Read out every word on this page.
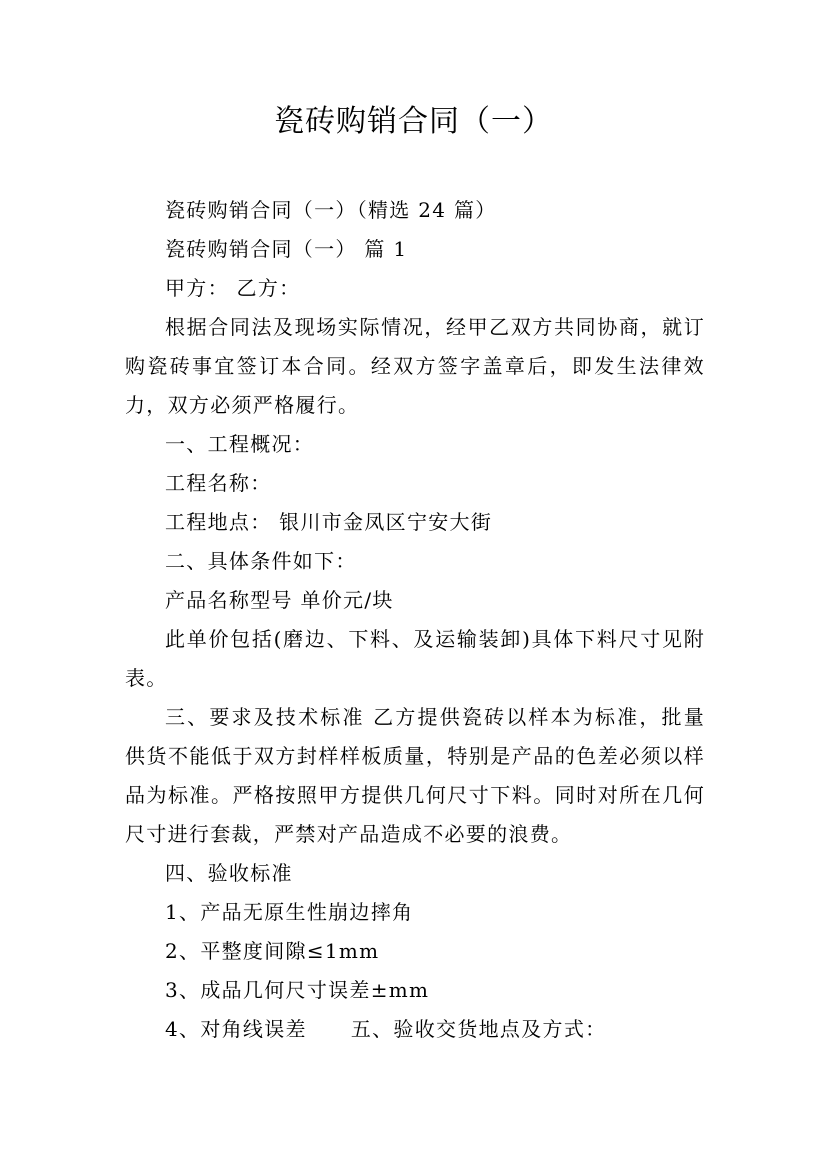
瓷砖购销合同（一）

瓷砖购销合同（一）（精选 24 篇）

瓷砖购销合同（一） 篇 1

甲方： 乙方：

根据合同法及现场实际情况，经甲乙双方共同协商，就订购瓷砖事宜签订本合同。经双方签字盖章后，即发生法律效力，双方必须严格履行。

一、工程概况：

工程名称：

工程地点： 银川市金凤区宁安大街

二、具体条件如下：

产品名称型号 单价元/块

此单价包括(磨边、下料、及运输装卸)具体下料尺寸见附表。

三、要求及技术标准 乙方提供瓷砖以样本为标准，批量供货不能低于双方封样样板质量，特别是产品的色差必须以样品为标准。严格按照甲方提供几何尺寸下料。同时对所在几何尺寸进行套裁，严禁对产品造成不必要的浪费。

四、验收标准

1、产品无原生性崩边摔角

2、平整度间隙≤1mm

3、成品几何尺寸误差±mm

4、对角线误差 五、验收交货地点及方式：
